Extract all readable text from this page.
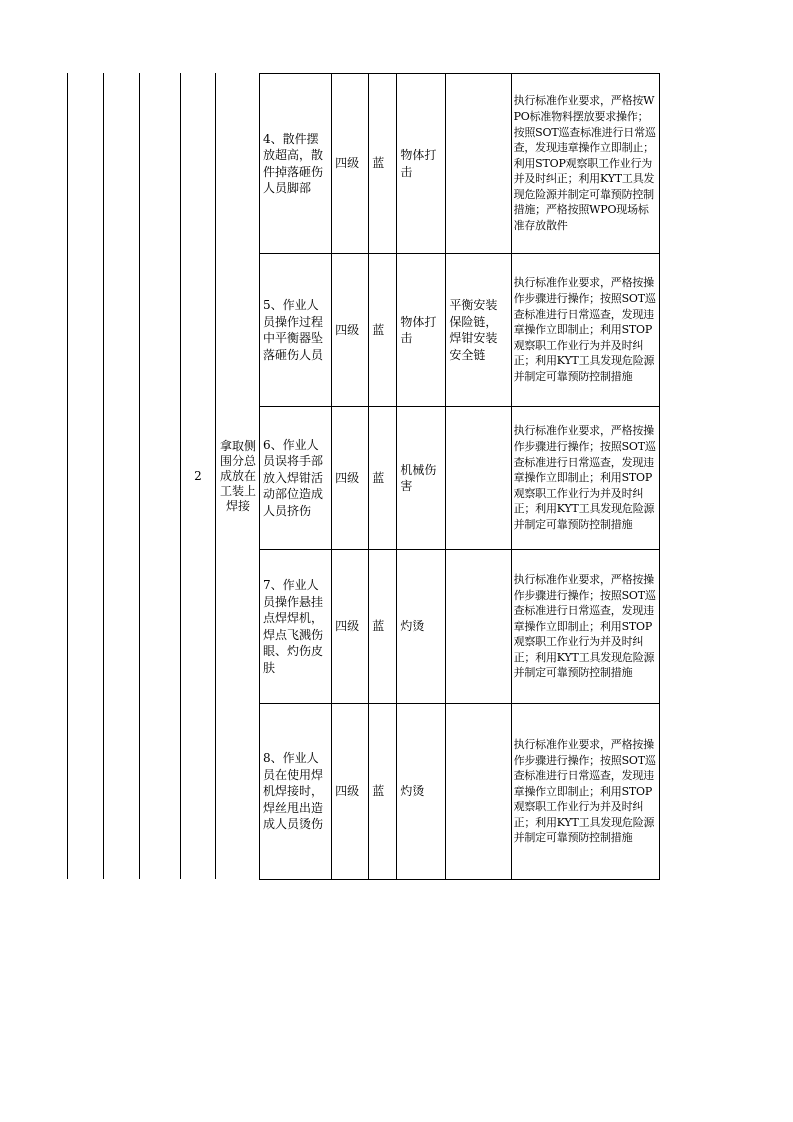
2
拿取侧围分总成放在工装上焊接
4、散件摆放超高，散件掉落砸伤人员脚部	四级	蓝	物体打击		执行标准作业要求，严格按WPO标准物料摆放要求操作；按照SOT巡查标准进行日常巡查，发现违章操作立即制止；利用STOP观察职工作业行为并及时纠正；利用KYT工具发现危险源并制定可靠预防控制措施；严格按照WPO现场标准存放散件
5、作业人员操作过程中平衡器坠落砸伤人员	四级	蓝	物体打击	平衡安装保险链，焊钳安装安全链	执行标准作业要求，严格按操作步骤进行操作；按照SOT巡查标准进行日常巡查，发现违章操作立即制止；利用STOP观察职工作业行为并及时纠正；利用KYT工具发现危险源并制定可靠预防控制措施
6、作业人员误将手部放入焊钳活动部位造成人员挤伤	四级	蓝	机械伤害		执行标准作业要求，严格按操作步骤进行操作；按照SOT巡查标准进行日常巡查，发现违章操作立即制止；利用STOP观察职工作业行为并及时纠正；利用KYT工具发现危险源并制定可靠预防控制措施
7、作业人员操作悬挂点焊焊机，焊点飞溅伤眼、灼伤皮肤	四级	蓝	灼烫		执行标准作业要求，严格按操作步骤进行操作；按照SOT巡查标准进行日常巡查，发现违章操作立即制止；利用STOP观察职工作业行为并及时纠正；利用KYT工具发现危险源并制定可靠预防控制措施
8、作业人员在使用焊机焊接时，焊丝甩出造成人员烫伤	四级	蓝	灼烫		执行标准作业要求，严格按操作步骤进行操作；按照SOT巡查标准进行日常巡查，发现违章操作立即制止；利用STOP观察职工作业行为并及时纠正；利用KYT工具发现危险源并制定可靠预防控制措施
